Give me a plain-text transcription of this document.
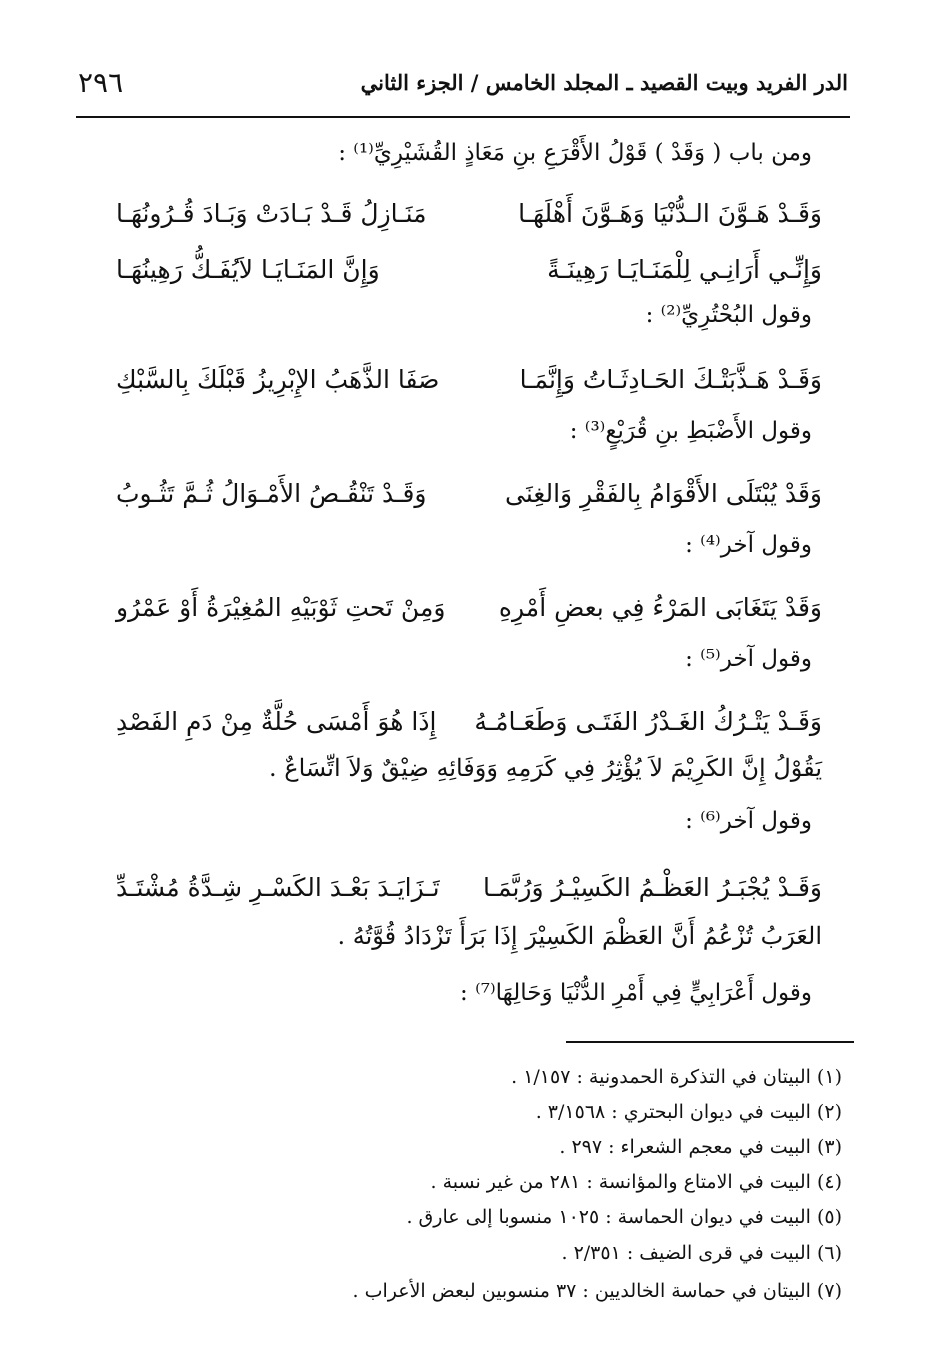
الدر الفريد وبيت القصيد ـ المجلد الخامس / الجزء الثاني
٢٩٦
ومن باب ( وَقَدْ ) قَوْلُ الأَقْرَعِ بنِ مَعَاذٍ القُشَيْرِيِّ⁽¹⁾ :
وَقَـدْ هَـوَّنَ الـدُّنْيَا وَهَـوَّنَ أَهْلَهَـا
مَنَـازِلُ قَـدْ بَـادَتْ وَبَـادَ قُـرُونُهَـا
وَإِنِّـي أَرَانِـي لِلْمَنَـايَـا رَهِينَـةً
وَإِنَّ المَنَـايَـا لاَيُفَـكُّ رَهِينُهَـا
وقول البُحْتُرِيِّ⁽²⁾ :
وَقَـدْ هَـذَّبَتْـكَ الحَـادِثَـاتُ وَإِنَّمَـا
صَفَا الذَّهَبُ الإِبْرِيزُ قَبْلَكَ بِالسَّبْكِ
وقول الأَضْبَطِ بنِ قُرَيْعٍ⁽³⁾ :
وَقَدْ يُبْتَلَى الأَقْوَامُ بِالفَقْرِ وَالغِنَى
وَقَـدْ تَنْقُـصُ الأَمْـوَالُ ثُـمَّ تَثُـوبُ
وقول آخر⁽⁴⁾ :
وَقَدْ يَتَغَابَى المَرْءُ فِي بعضِ أَمْرِهِ
وَمِنْ تَحتِ ثَوْبَيْهِ المُغِيْرَةُ أَوْ عَمْرُو
وقول آخر⁽⁵⁾ :
وَقَـدْ يَتْـرُكُ الغَـدْرُ الفَتَـى وَطَعَـامُـهُ
إِذَا هُوَ أَمْسَى حُلَّةٌ مِنْ دَمِ الفَصْدِ
يَقُوْلُ إِنَّ الكَرِيْمَ لاَ يُؤْثِرُ فِي كَرَمِهِ وَوَفَائِهِ ضِيْقٌ وَلاَ اتِّسَاعٌ .
وقول آخر⁽⁶⁾ :
وَقَـدْ يُجْبَـرُ العَظْـمُ الكَسِيْـرُ وَرُبَّمَـا
تَـزَايَـدَ بَعْـدَ الكَسْـرِ شِـدَّةُ مُشْتَـدِّ
العَرَبُ تُزْعُمُ أَنَّ العَظْمَ الكَسِيْرَ إِذَا بَرَأَ تَزْدَادُ قُوَّتُهُ .
وقول أَعْرَابِيٍّ فِي أَمْرِ الدُّنْيَا وَحَالِهَا⁽⁷⁾ :
(١) البيتان في التذكرة الحمدونية : ١/١٥٧ .
(٢) البيت في ديوان البحتري : ٣/١٥٦٨ .
(٣) البيت في معجم الشعراء : ٢٩٧ .
(٤) البيت في الامتاع والمؤانسة : ٢٨١ من غير نسبة .
(٥) البيت في ديوان الحماسة : ١٠٢٥ منسوبا إلى عارق .
(٦) البيت في قرى الضيف : ٢/٣٥١ .
(٧) البيتان في حماسة الخالديين : ٣٧ منسوبين لبعض الأعراب .
